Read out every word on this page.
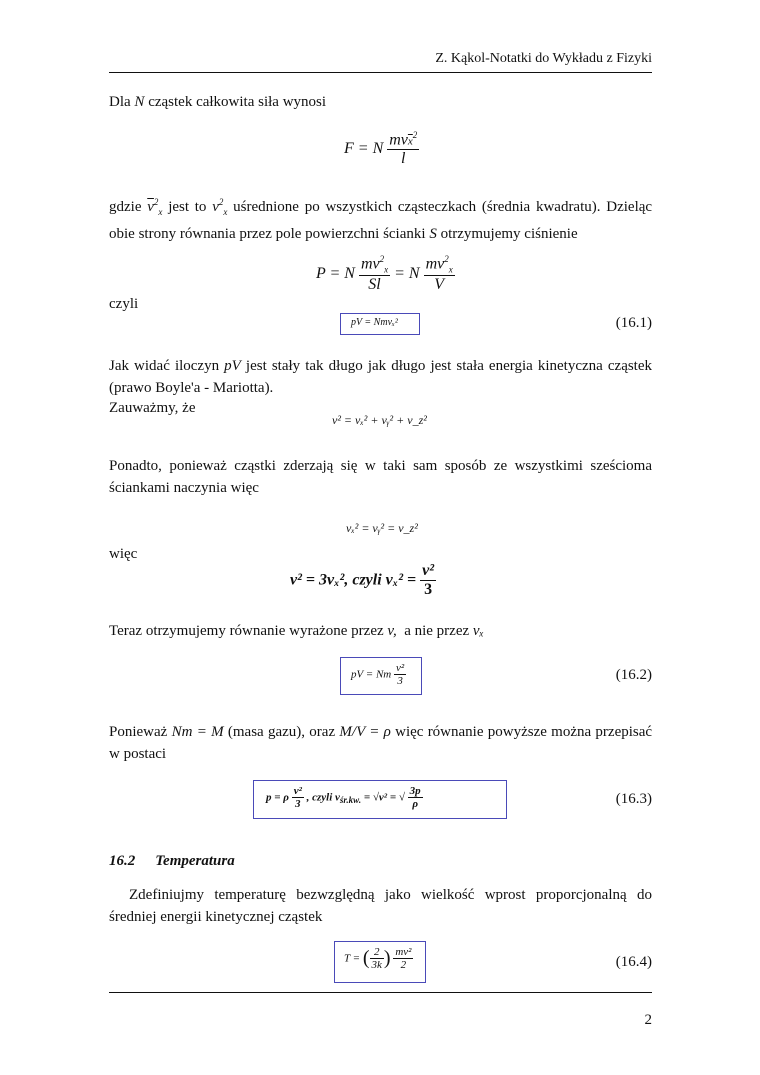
Z. Kąkol-Notatki do Wykładu z Fizyki
Dla N cząstek całkowita siła wynosi
F = N $\frac{mv\overline{x}^2}{l}$
gdzie $\overline{v}^2_x$ jest to $v^2_x$ uśrednione po wszystkich cząsteczkach (średnia kwadratu). Dzieląc obie strony równania przez pole powierzchni ścianki S otrzymujemy ciśnienie
P = N $\frac{mv^2_x}{Sl} = N \frac{mv^2_x}{V}$
czyli
pV = Nmvₓ²	(16.1)
Jak widać iloczyn pV jest stały tak długo jak długo jest stała energia kinetyczna cząstek (prawo Boyle'a - Mariotta).
Zauważmy, że
v² = vₓ² + vᵧ² + v_z²
Ponadto, ponieważ cząstki zderzają się w taki sam sposób ze wszystkimi sześcioma ściankami naczynia więc
vₓ² = vᵧ² = v_z²
więc
v² = 3vₓ², czyli $v_x^2 = \frac{\text{v²}}{3}$
Teraz otrzymujemy równanie wyrażone przez v, a nie przez vₓ
pV = Nm $\frac{\text{v²}}{3}$	(16.2)
Ponieważ Nm = M (masa gazu), oraz M/V = ρ więc równanie powyższe można przepisać w postaci
p = ρ $\frac{\text{v²}}{3}$ , czyli $v_{śr.kw.} = √v^2$ = √ $\frac{3p}{\rho}$	(16.3)
16.2 Temperatura
Zdefiniujmy temperaturę bezwzględną jako wielkość wprost proporcjonalną do średniej energii kinetycznej cząstek
T = ( $\frac{2}{3k}$ ) $\frac{\text{mv²}}{2}$	(16.4)
2
